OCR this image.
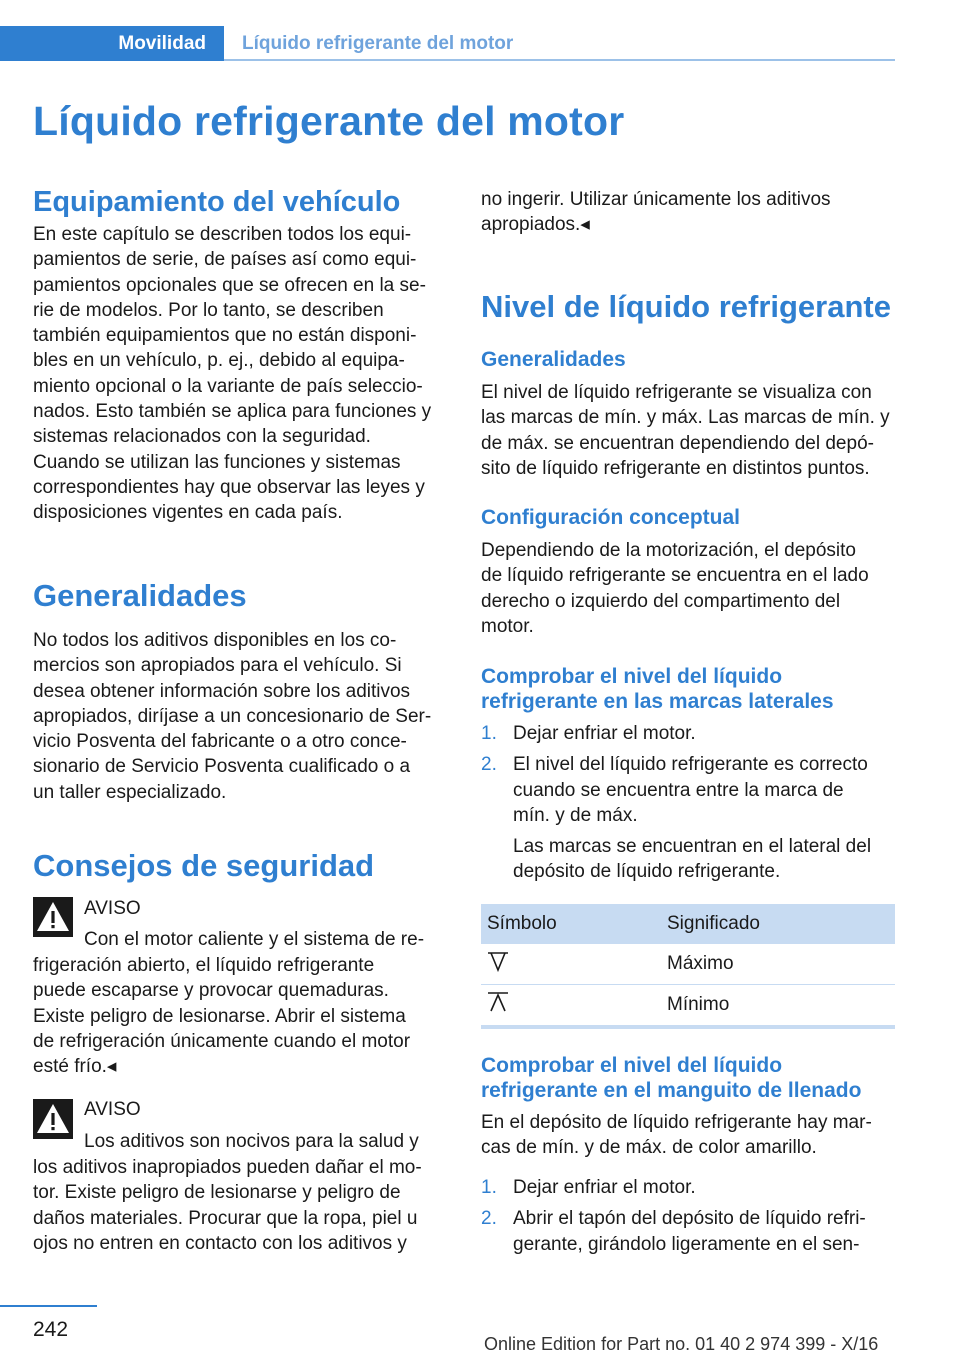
Movilidad Líquido refrigerante del motor
Líquido refrigerante del motor
Equipamiento del vehículo
En este capítulo se describen todos los equi-
pamientos de serie, de países así como equi-
pamientos opcionales que se ofrecen en la se-
rie de modelos. Por lo tanto, se describen
también equipamientos que no están disponi-
bles en un vehículo, p. ej., debido al equipa-
miento opcional o la variante de país seleccio-
nados. Esto también se aplica para funciones y
sistemas relacionados con la seguridad.
Cuando se utilizan las funciones y sistemas
correspondientes hay que observar las leyes y
disposiciones vigentes en cada país.
Generalidades
No todos los aditivos disponibles en los co-
mercios son apropiados para el vehículo. Si
desea obtener información sobre los aditivos
apropiados, diríjase a un concesionario de Ser-
vicio Posventa del fabricante o a otro conce-
sionario de Servicio Posventa cualificado o a
un taller especializado.
Consejos de seguridad
AVISO
Con el motor caliente y el sistema de re-
frigeración abierto, el líquido refrigerante
puede escaparse y provocar quemaduras.
Existe peligro de lesionarse. Abrir el sistema
de refrigeración únicamente cuando el motor
esté frío.◂
AVISO
Los aditivos son nocivos para la salud y
los aditivos inapropiados pueden dañar el mo-
tor. Existe peligro de lesionarse y peligro de
daños materiales. Procurar que la ropa, piel u
ojos no entren en contacto con los aditivos y
no ingerir. Utilizar únicamente los aditivos
apropiados.◂
Nivel de líquido refrigerante
Generalidades
El nivel de líquido refrigerante se visualiza con
las marcas de mín. y máx. Las marcas de mín. y
de máx. se encuentran dependiendo del depó-
sito de líquido refrigerante en distintos puntos.
Configuración conceptual
Dependiendo de la motorización, el depósito
de líquido refrigerante se encuentra en el lado
derecho o izquierdo del compartimento del
motor.
Comprobar el nivel del líquido
refrigerante en las marcas laterales
1. Dejar enfriar el motor.
2. El nivel del líquido refrigerante es correcto
cuando se encuentra entre la marca de
mín. y de máx.
Las marcas se encuentran en el lateral del
depósito de líquido refrigerante.
Símbolo	Significado
	Máximo
	Mínimo
Comprobar el nivel del líquido
refrigerante en el manguito de llenado
En el depósito de líquido refrigerante hay mar-
cas de mín. y de máx. de color amarillo.
1. Dejar enfriar el motor.
2. Abrir el tapón del depósito de líquido refri-
gerante, girándolo ligeramente en el sen-
242
Online Edition for Part no. 01 40 2 974 399 - X/16
